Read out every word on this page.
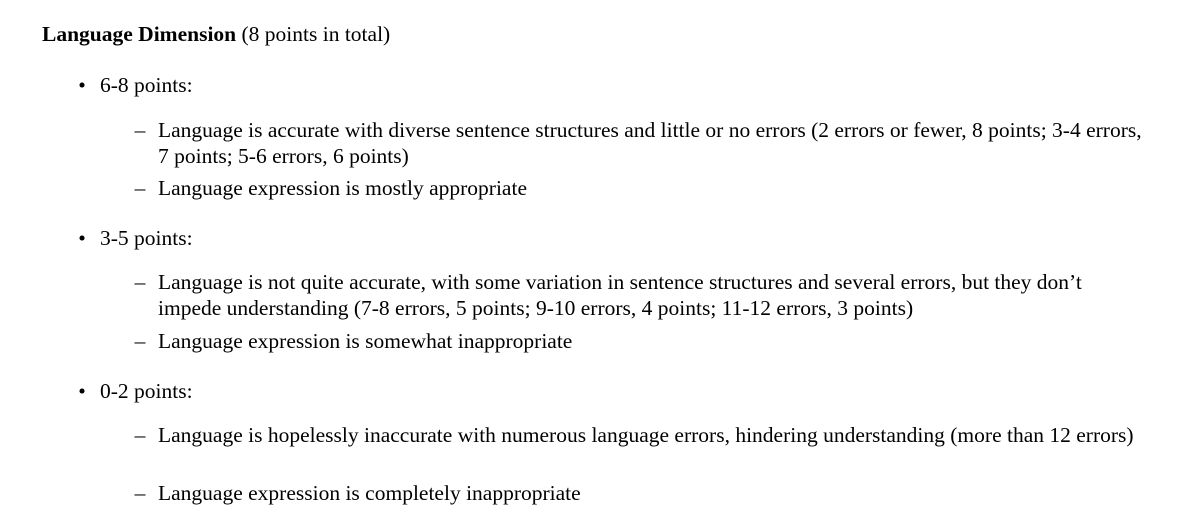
Language Dimension (8 points in total)
• 6-8 points:
– Language is accurate with diverse sentence structures and little or no errors (2 errors or fewer, 8 points; 3-4 errors, 7 points; 5-6 errors, 6 points)
– Language expression is mostly appropriate
• 3-5 points:
– Language is not quite accurate, with some variation in sentence structures and several errors, but they don’t impede understanding (7-8 errors, 5 points; 9-10 errors, 4 points; 11-12 errors, 3 points)
– Language expression is somewhat inappropriate
• 0-2 points:
– Language is hopelessly inaccurate with numerous language errors, hindering understanding (more than 12 errors)
– Language expression is completely inappropriate
